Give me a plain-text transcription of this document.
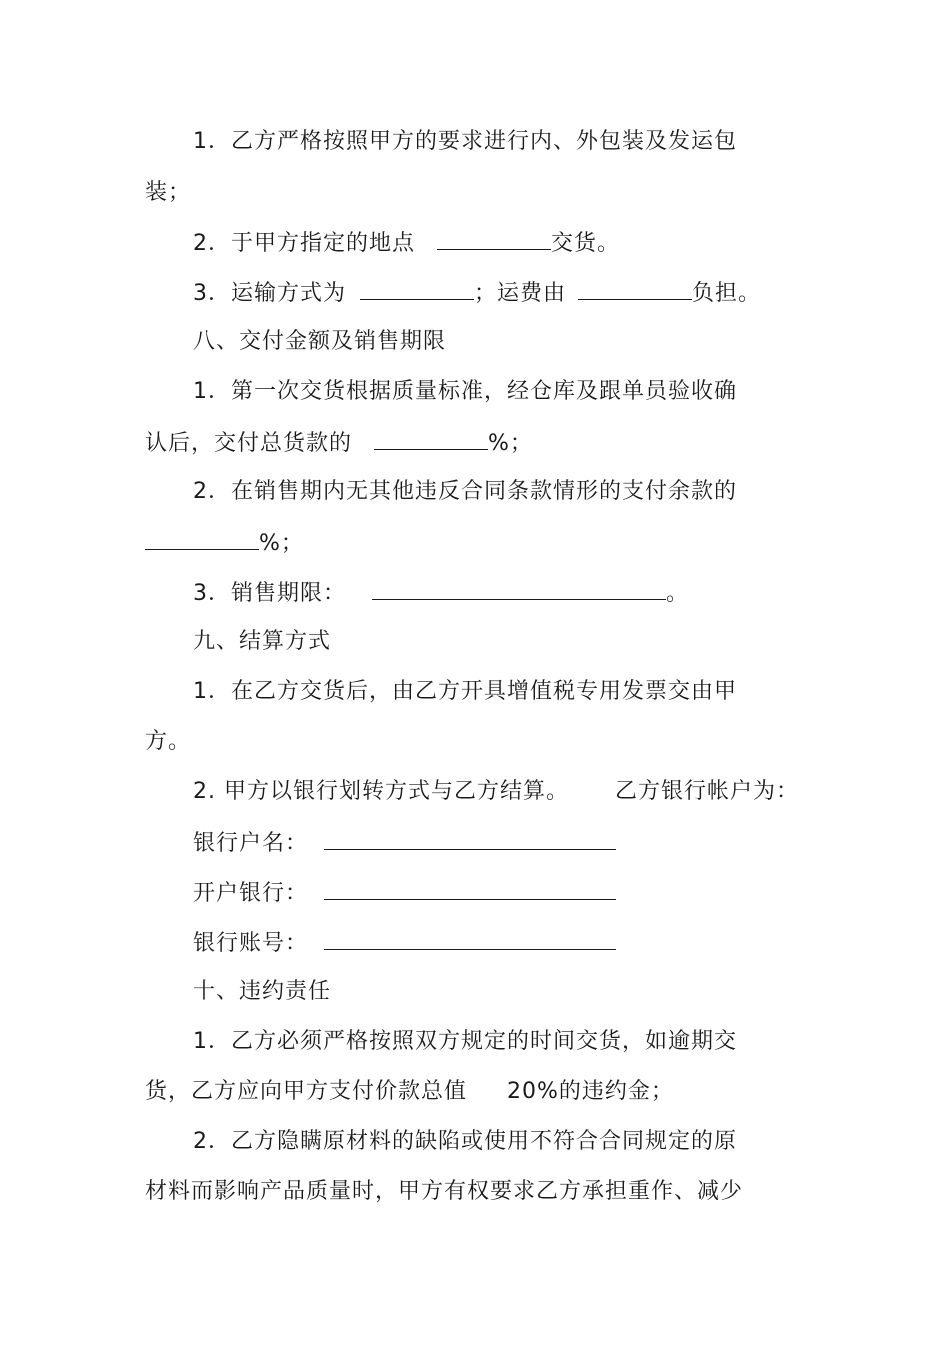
1．乙方严格按照甲方的要求进行内、外包装及发运包
装；
2．于甲方指定的地点	交货。
3．运输方式为	；运费由	负担。
八、交付金额及销售期限
1．第一次交货根据质量标准，经仓库及跟单员验收确
认后，交付总货款的	%；
2．在销售期内无其他违反合同条款情形的支付余款的
%；
3．销售期限：	。
九、结算方式
1．在乙方交货后，由乙方开具增值税专用发票交由甲
方。
2. 甲方以银行划转方式与乙方结算。 乙方银行帐户为：
银行户名：
开户银行：
银行账号：
十、违约责任
1．乙方必须严格按照双方规定的时间交货，如逾期交
货，乙方应向甲方支付价款总值 20%的违约金；
2．乙方隐瞒原材料的缺陷或使用不符合合同规定的原
材料而影响产品质量时，甲方有权要求乙方承担重作、减少
